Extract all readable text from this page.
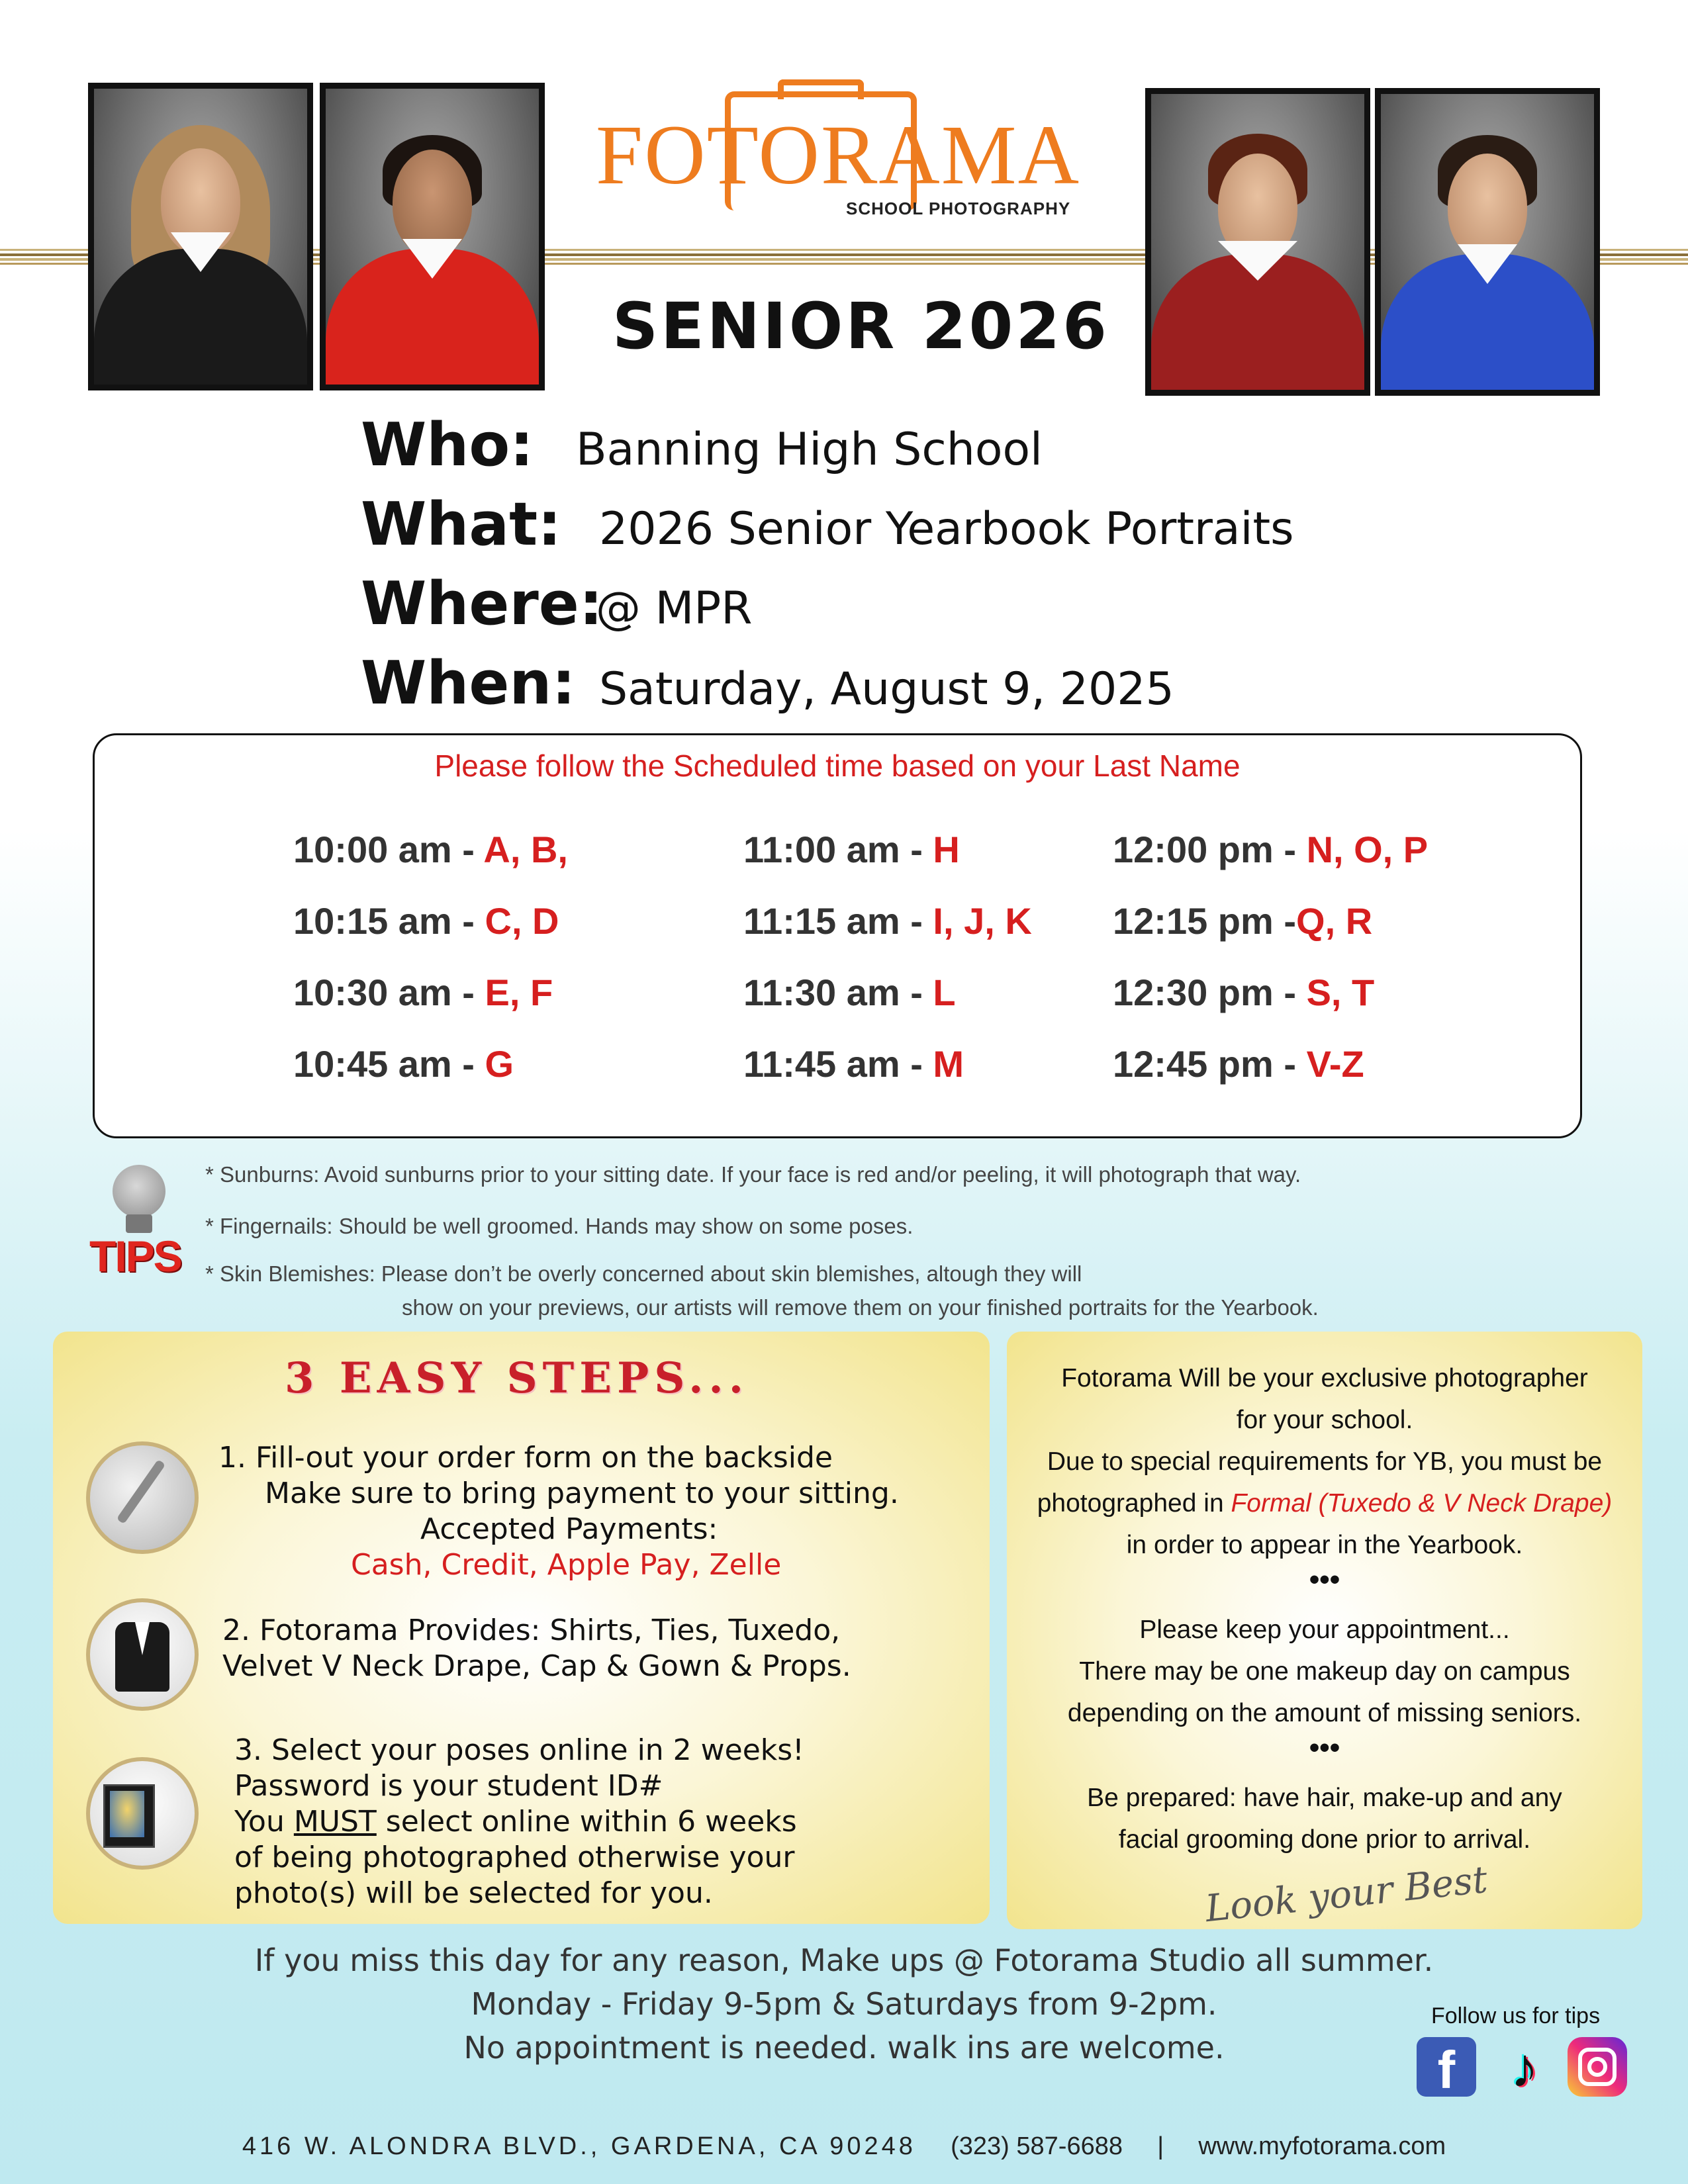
FOTORAMA
SCHOOL PHOTOGRAPHY
SENIOR 2026
Who: Banning High School
What: 2026 Senior Yearbook Portraits
Where:
@ MPR
When: Saturday, August 9, 2025
Please follow the Scheduled time based on your Last Name
10:00 am - A, B,
10:15 am - C, D
10:30 am - E, F
10:45 am - G
11:00 am - H
11:15 am - I, J, K
11:30 am - L
11:45 am - M
12:00 pm - N, O, P
12:15 pm -Q, R
12:30 pm - S, T
12:45 pm - V-Z
TIPS
* Sunburns: Avoid sunburns prior to your sitting date. If your face is red and/or peeling, it will photograph that way.
* Fingernails: Should be well groomed. Hands may show on some poses.
* Skin Blemishes: Please don’t be overly concerned about skin blemishes, altough they will
show on your previews, our artists will remove them on your finished portraits for the Yearbook.
3 EASY STEPS...
1. Fill-out your order form on the backside
Make sure to bring payment to your sitting.
Accepted Payments:
Cash, Credit, Apple Pay, Zelle
2. Fotorama Provides: Shirts, Ties, Tuxedo,
Velvet V Neck Drape, Cap & Gown & Props.
3. Select your poses online in 2 weeks!
Password is your student ID#
You MUST select online within 6 weeks
of being photographed otherwise your
photo(s) will be selected for you.
Fotorama Will be your exclusive photographer
for your school.
Due to special requirements for YB, you must be
photographed in Formal (Tuxedo & V Neck Drape)
in order to appear in the Yearbook.
•••
Please keep your appointment...
There may be one makeup day on campus
depending on the amount of missing seniors.
•••
Be prepared: have hair, make-up and any
facial grooming done prior to arrival.
Look your Best
If you miss this day for any reason, Make ups @ Fotorama Studio all summer.
Monday - Friday 9-5pm & Saturdays from 9-2pm.
No appointment is needed. walk ins are welcome.
Follow us for tips
f ♪
416 W. ALONDRA BLVD., GARDENA, CA 90248 (323) 587-6688 | www.myfotorama.com
